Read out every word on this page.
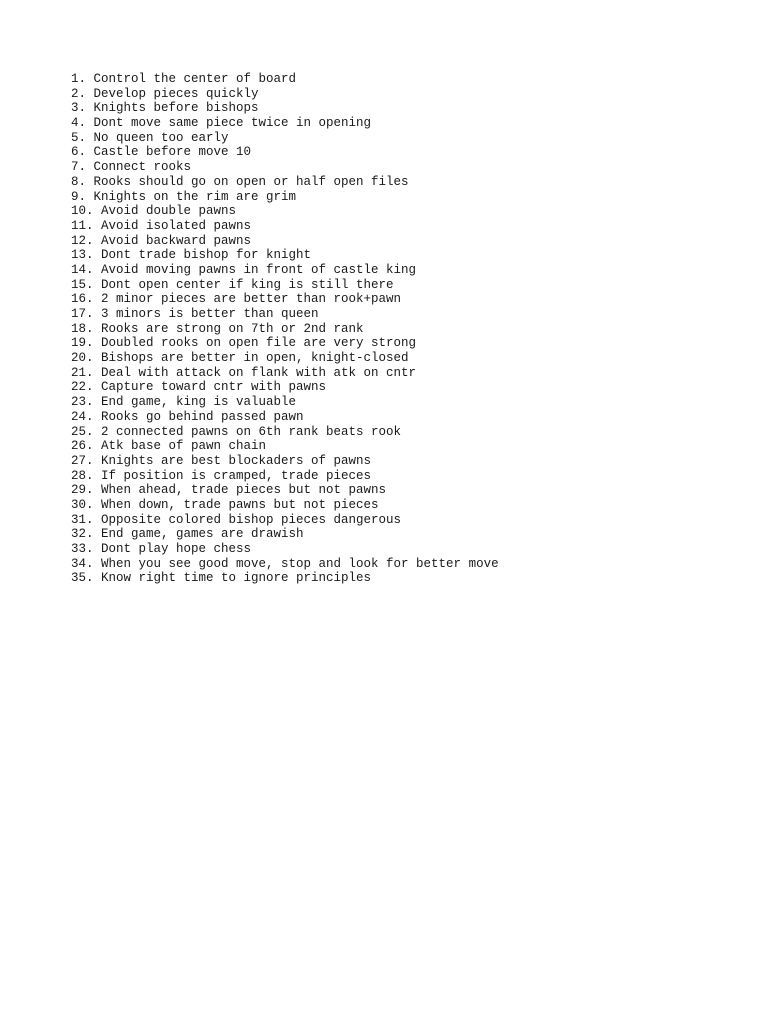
1. Control the center of board
2. Develop pieces quickly
3. Knights before bishops
4. Dont move same piece twice in opening
5. No queen too early
6. Castle before move 10
7. Connect rooks
8. Rooks should go on open or half open files
9. Knights on the rim are grim
10. Avoid double pawns
11. Avoid isolated pawns
12. Avoid backward pawns
13. Dont trade bishop for knight
14. Avoid moving pawns in front of castle king
15. Dont open center if king is still there
16. 2 minor pieces are better than rook+pawn
17. 3 minors is better than queen
18. Rooks are strong on 7th or 2nd rank
19. Doubled rooks on open file are very strong
20. Bishops are better in open, knight-closed
21. Deal with attack on flank with atk on cntr
22. Capture toward cntr with pawns
23. End game, king is valuable
24. Rooks go behind passed pawn
25. 2 connected pawns on 6th rank beats rook
26. Atk base of pawn chain
27. Knights are best blockaders of pawns
28. If position is cramped, trade pieces
29. When ahead, trade pieces but not pawns
30. When down, trade pawns but not pieces
31. Opposite colored bishop pieces dangerous
32. End game, games are drawish
33. Dont play hope chess
34. When you see good move, stop and look for better move
35. Know right time to ignore principles
